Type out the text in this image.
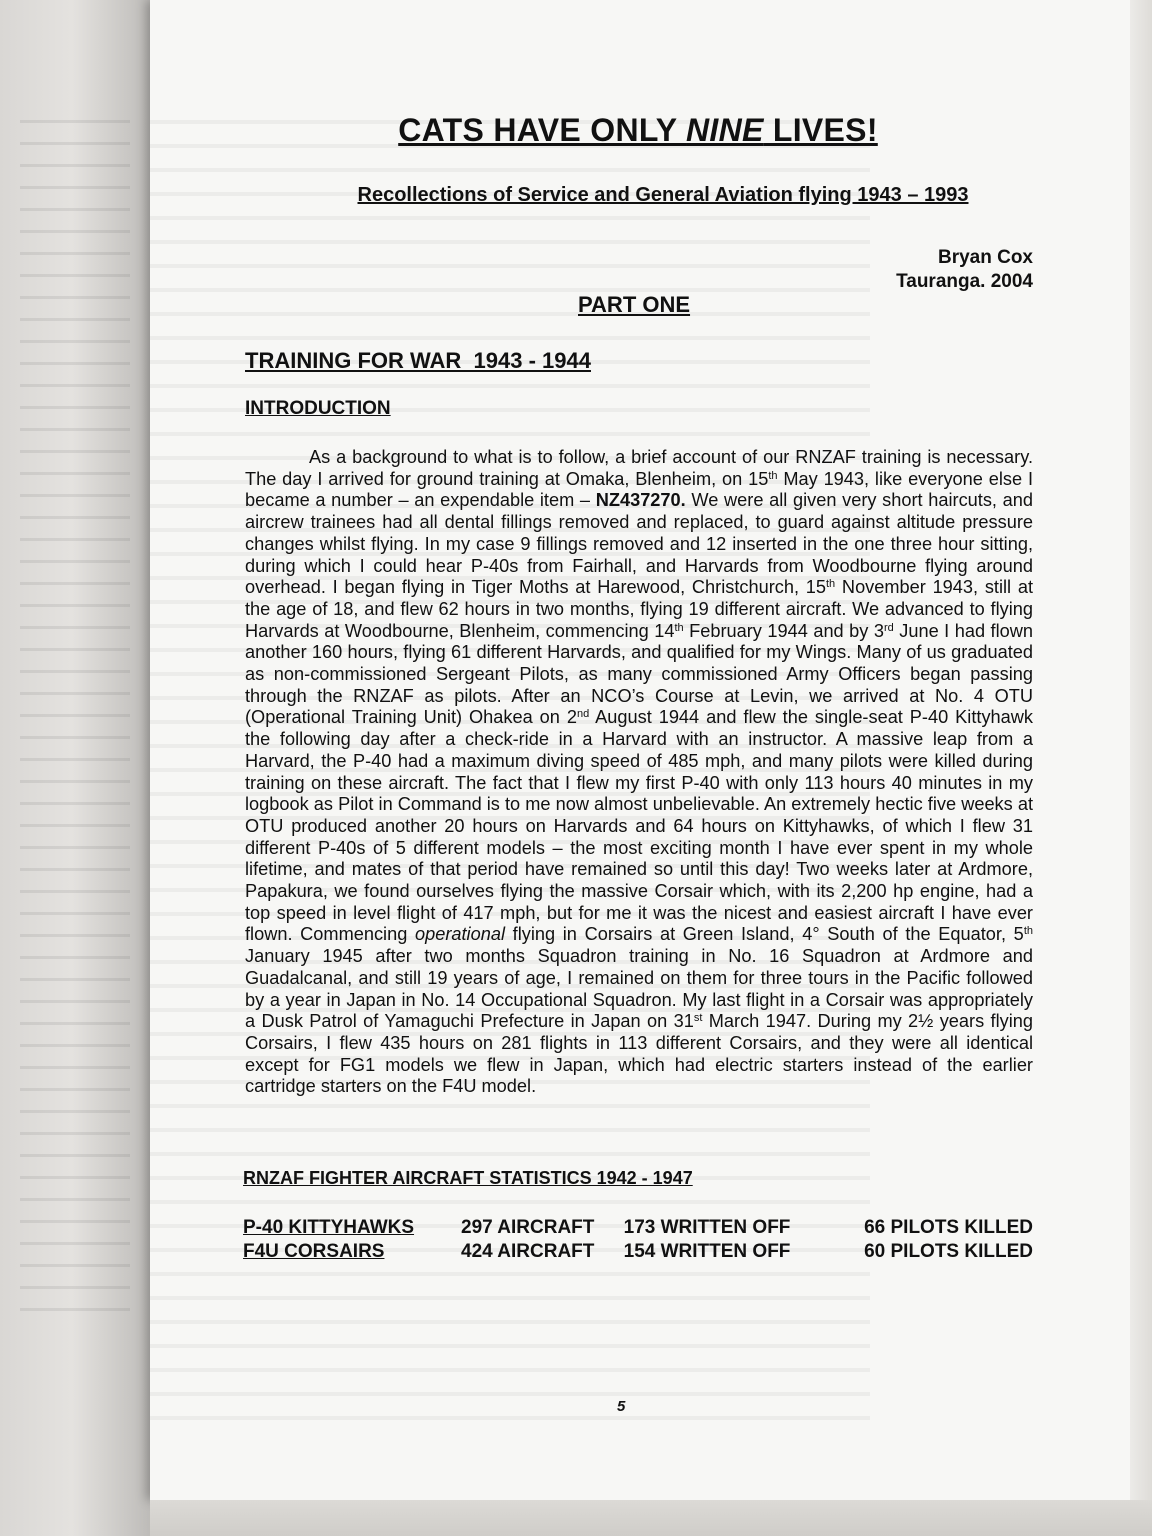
CATS HAVE ONLY NINE LIVES!
Recollections of Service and General Aviation flying 1943 – 1993
Bryan Cox
Tauranga. 2004
PART ONE
TRAINING FOR WAR  1943 - 1944
INTRODUCTION
As a background to what is to follow, a brief account of our RNZAF training is necessary. The day I arrived for ground training at Omaka, Blenheim, on 15th May 1943, like everyone else I became a number – an expendable item – NZ437270. We were all given very short haircuts, and aircrew trainees had all dental fillings removed and replaced, to guard against altitude pressure changes whilst flying. In my case 9 fillings removed and 12 inserted in the one three hour sitting, during which I could hear P-40s from Fairhall, and Harvards from Woodbourne flying around overhead. I began flying in Tiger Moths at Harewood, Christchurch, 15th November 1943, still at the age of 18, and flew 62 hours in two months, flying 19 different aircraft. We advanced to flying Harvards at Woodbourne, Blenheim, commencing 14th February 1944 and by 3rd June I had flown another 160 hours, flying 61 different Harvards, and qualified for my Wings. Many of us graduated as non-commissioned Sergeant Pilots, as many commissioned Army Officers began passing through the RNZAF as pilots. After an NCO’s Course at Levin, we arrived at No. 4 OTU (Operational Training Unit) Ohakea on 2nd August 1944 and flew the single-seat P-40 Kittyhawk the following day after a check-ride in a Harvard with an instructor. A massive leap from a Harvard, the P-40 had a maximum diving speed of 485 mph, and many pilots were killed during training on these aircraft. The fact that I flew my first P-40 with only 113 hours 40 minutes in my logbook as Pilot in Command is to me now almost unbelievable. An extremely hectic five weeks at OTU produced another 20 hours on Harvards and 64 hours on Kittyhawks, of which I flew 31 different P-40s of 5 different models – the most exciting month I have ever spent in my whole lifetime, and mates of that period have remained so until this day! Two weeks later at Ardmore, Papakura, we found ourselves flying the massive Corsair which, with its 2,200 hp engine, had a top speed in level flight of 417 mph, but for me it was the nicest and easiest aircraft I have ever flown. Commencing operational flying in Corsairs at Green Island, 4° South of the Equator, 5th January 1945 after two months Squadron training in No. 16 Squadron at Ardmore and Guadalcanal, and still 19 years of age, I remained on them for three tours in the Pacific followed by a year in Japan in No. 14 Occupational Squadron. My last flight in a Corsair was appropriately a Dusk Patrol of Yamaguchi Prefecture in Japan on 31st March 1947. During my 2½ years flying Corsairs, I flew 435 hours on 281 flights in 113 different Corsairs, and they were all identical except for FG1 models we flew in Japan, which had electric starters instead of the earlier cartridge starters on the F4U model.
RNZAF FIGHTER AIRCRAFT STATISTICS 1942 - 1947
P-40 KITTYHAWKS	297 AIRCRAFT	173 WRITTEN OFF	66 PILOTS KILLED
F4U CORSAIRS	424 AIRCRAFT	154 WRITTEN OFF	60 PILOTS KILLED
5
